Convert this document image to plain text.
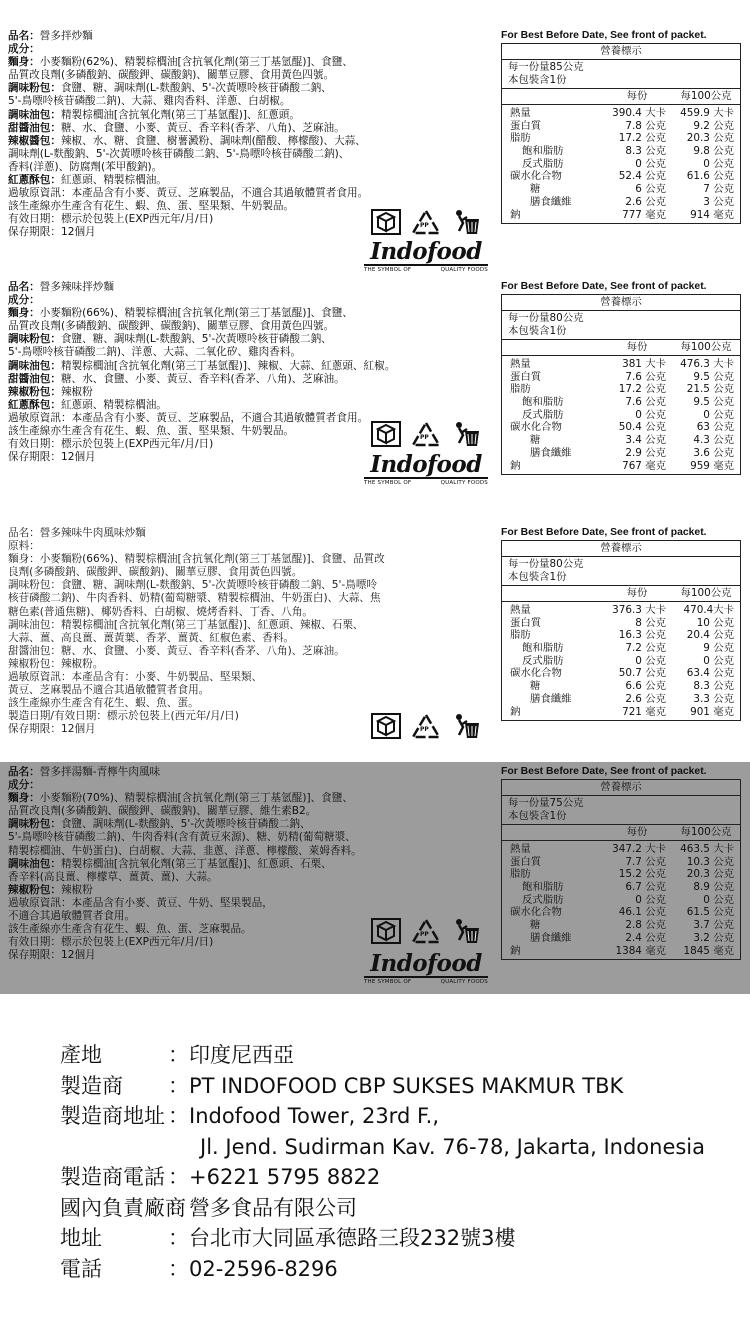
品名：營多拌炒麵
成分：
麵身：小麥麵粉(62%)、精製棕櫚油[含抗氧化劑(第三丁基氫醌)]、食鹽、
品質改良劑(多磷酸鈉、碳酸鉀、碳酸鈉)、關華豆膠、食用黃色四號。
調味粉包：食鹽、糖、調味劑(L-麩酸鈉、5'-次黃嘌呤核苷磷酸二鈉、
5'-鳥嘌呤核苷磷酸二鈉)、大蒜、雞肉香料、洋蔥、白胡椒。
調味油包：精製棕櫚油[含抗氧化劑(第三丁基氫醌)]、紅蔥頭。
甜醬油包：糖、水、食鹽、小麥、黃豆、香辛料(香茅、八角)、芝麻油。
辣椒醬包：辣椒、水、糖、食鹽、樹薯澱粉、調味劑(醋酸、檸檬酸)、大蒜、
調味劑(L-麩酸鈉、5'-次黃嘌呤核苷磷酸二鈉、5'-鳥嘌呤核苷磷酸二鈉)、
香料(洋蔥)、防腐劑(苯甲酸鈉)。
紅蔥酥包：紅蔥頭、精製棕櫚油。
過敏原資訊：本產品含有小麥、黃豆、芝麻製品，不適合其過敏體質者食用。
該生產線亦生產含有花生、蝦、魚、蛋、堅果類、牛奶製品。
有效日期：標示於包裝上(EXP西元年/月/日)
保存期限：12個月
For Best Before Date, See front of packet.
營養標示
每一份量85公克
本包裝含1份
每份	每100公克
熱量	390.4 大卡	459.9 大卡
蛋白質	7.8 公克	9.2 公克
脂肪	17.2 公克	20.3 公克
飽和脂肪	8.3 公克	9.8 公克
反式脂肪	0 公克	0 公克
碳水化合物	52.4 公克	61.6 公克
糖	6 公克	7 公克
膳食纖維	2.6 公克	3 公克
鈉	777 毫克	914 毫克
PP
Indofood
THE SYMBOL OF	QUALITY FOODS
品名：營多辣味拌炒麵
成分：
麵身：小麥麵粉(66%)、精製棕櫚油[含抗氧化劑(第三丁基氫醌)]、食鹽、
品質改良劑(多磷酸鈉、碳酸鉀、碳酸鈉)、關華豆膠、食用黃色四號。
調味粉包：食鹽、糖、調味劑(L-麩酸鈉、5'-次黃嘌呤核苷磷酸二鈉、
5'-鳥嘌呤核苷磷酸二鈉)、洋蔥、大蒜、二氧化矽、雞肉香料。
調味油包：精製棕櫚油[含抗氧化劑(第三丁基氫醌)]、辣椒、大蒜、紅蔥頭、紅椒。
甜醬油包：糖、水、食鹽、小麥、黃豆、香辛料(香茅、八角)、芝麻油。
辣椒粉包：辣椒粉
紅蔥酥包：紅蔥頭、精製棕櫚油。
過敏原資訊：本產品含有小麥、黃豆、芝麻製品，不適合其過敏體質者食用。
該生產線亦生產含有花生、蝦、魚、蛋、堅果類、牛奶製品。
有效日期：標示於包裝上(EXP西元年/月/日)
保存期限：12個月
For Best Before Date, See front of packet.
營養標示
每一份量80公克
本包裝含1份
每份	每100公克
熱量	381 大卡	476.3 大卡
蛋白質	7.6 公克	9.5 公克
脂肪	17.2 公克	21.5 公克
飽和脂肪	7.6 公克	9.5 公克
反式脂肪	0 公克	0 公克
碳水化合物	50.4 公克	63 公克
糖	3.4 公克	4.3 公克
膳食纖維	2.9 公克	3.6 公克
鈉	767 毫克	959 毫克
PP
Indofood
THE SYMBOL OF	QUALITY FOODS
品名：營多辣味牛肉風味炒麵
原料：
麵身：小麥麵粉(66%)、精製棕櫚油[含抗氧化劑(第三丁基氫醌)]、食鹽、品質改
良劑(多磷酸鈉、碳酸鉀、碳酸鈉)、關華豆膠、食用黃色四號。
調味粉包：食鹽、糖、調味劑(L-麩酸鈉、5'-次黃嘌呤核苷磷酸二鈉、5'-鳥嘌呤
核苷磷酸二鈉)、牛肉香料、奶精(葡萄糖漿、精製棕櫚油、牛奶蛋白)、大蒜、焦
糖色素(普通焦糖)、椰奶香料、白胡椒、燒烤香料、丁香、八角。
調味油包：精製棕櫚油[含抗氧化劑(第三丁基氫醌)]、紅蔥頭、辣椒、石栗、
大蒜、薑、高良薑、薑黃葉、香茅、薑黃、紅椒色素、香料。
甜醬油包：糖、水、食鹽、小麥、黃豆、香辛料(香茅、八角)、芝麻油。
辣椒粉包：辣椒粉。
過敏原資訊：本產品含有：小麥、牛奶製品、堅果類、
黃豆、芝麻製品不適合其過敏體質者食用。
該生產線亦生產含有花生、蝦、魚、蛋。
製造日期/有效日期：標示於包裝上(西元年/月/日)
保存期限：12個月
For Best Before Date, See front of packet.
營養標示
每一份量80公克
本包裝含1份
每份	每100公克
熱量	376.3 大卡	470.4大卡
蛋白質	8 公克	10 公克
脂肪	16.3 公克	20.4 公克
飽和脂肪	7.2 公克	9 公克
反式脂肪	0 公克	0 公克
碳水化合物	50.7 公克	63.4 公克
糖	6.6 公克	8.3 公克
膳食纖維	2.6 公克	3.3 公克
鈉	721 毫克	901 毫克
PP
品名：營多拌湯麵-青檸牛肉風味
成分：
麵身：小麥麵粉(70%)、精製棕櫚油[含抗氧化劑(第三丁基氫醌)]、食鹽、
品質改良劑(多磷酸鈉、碳酸鉀、碳酸鈉)、關華豆膠、維生素B2。
調味粉包：食鹽、調味劑(L-麩酸鈉、5'-次黃嘌呤核苷磷酸二鈉、
5'-鳥嘌呤核苷磷酸二鈉)、牛肉香料(含有黃豆來源)、糖、奶精(葡萄糖漿、
精製棕櫚油、牛奶蛋白)、白胡椒、大蒜、韭蔥、洋蔥、檸檬酸、萊姆香料。
調味油包：精製棕櫚油[含抗氧化劑(第三丁基氫醌)]、紅蔥頭、石栗、
香辛料(高良薑、檸檬草、薑黃、薑)、大蒜。
辣椒粉包：辣椒粉
過敏原資訊：本產品含有小麥、黃豆、牛奶、堅果製品，
不適合其過敏體質者食用。
該生產線亦生產含有花生、蝦、魚、蛋、芝麻製品。
有效日期：標示於包裝上(EXP西元年/月/日)
保存期限：12個月
For Best Before Date, See front of packet.
營養標示
每一份量75公克
本包裝含1份
每份	每100公克
熱量	347.2 大卡	463.5 大卡
蛋白質	7.7 公克	10.3 公克
脂肪	15.2 公克	20.3 公克
飽和脂肪	6.7 公克	8.9 公克
反式脂肪	0 公克	0 公克
碳水化合物	46.1 公克	61.5 公克
糖	2.8 公克	3.7 公克
膳食纖維	2.4 公克	3.2 公克
鈉	1384 毫克	1845 毫克
PP
Indofood
THE SYMBOL OF	QUALITY FOODS
產地	：印度尼西亞
製造商	：PT INDOFOOD CBP SUKSES MAKMUR TBK
製造商地址 ：Indofood Tower, 23rd F.,
Jl. Jend. Sudirman Kav. 76-78, Jakarta, Indonesia
製造商電話 ：+6221 5795 8822
國內負責廠商
：營多食品有限公司
地址	：台北市大同區承德路三段232號3樓
電話	：02-2596-8296
